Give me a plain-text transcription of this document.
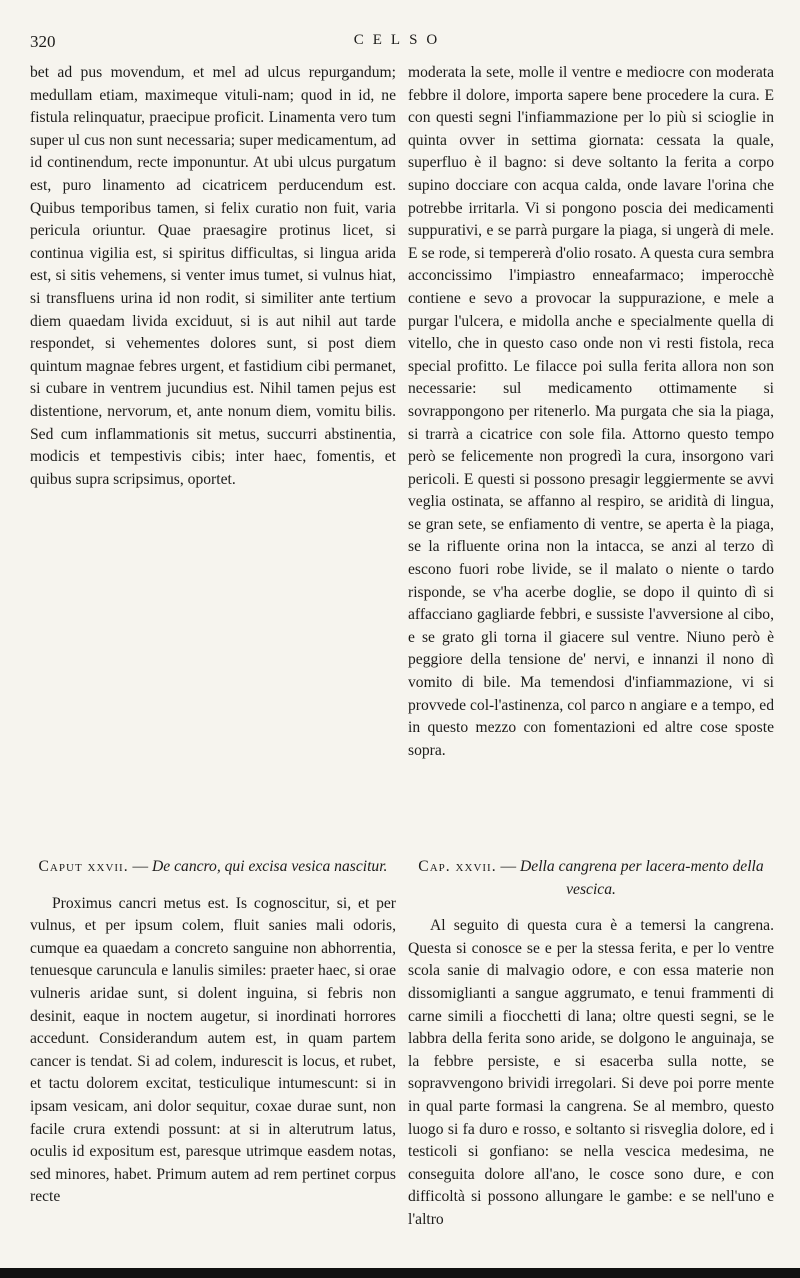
320	CELSO

bet ad pus movendum, et mel ad ulcus repurgandum; medullam etiam, maximeque vituli-nam; quod in id, ne fistula relinquatur, praecipue proficit. Linamenta vero tum super ul cus non sunt necessaria; super medicamentum, ad id continendum, recte imponuntur. At ubi ulcus purgatum est, puro linamento ad cicatricem perducendum est. Quibus temporibus tamen, si felix curatio non fuit, varia pericula oriuntur. Quae praesagire protinus licet, si continua vigilia est, si spiritus difficultas, si lingua arida est, si sitis vehemens, si venter imus tumet, si vulnus hiat, si transfluens urina id non rodit, si similiter ante tertium diem quaedam livida exciduut, si is aut nihil aut tarde respondet, si vehementes dolores sunt, si post diem quintum magnae febres urgent, et fastidium cibi permanet, si cubare in ventrem jucundius est. Nihil tamen pejus est distentione, nervorum, et, ante nonum diem, vomitu bilis. Sed cum inflammationis sit metus, succurri abstinentia, modicis et tempestivis cibis; inter haec, fomentis, et quibus supra scripsimus, oportet.

moderata la sete, molle il ventre e mediocre con moderata febbre il dolore, importa sapere bene procedere la cura. E con questi segni l'infiammazione per lo più si scioglie in quinta ovver in settima giornata: cessata la quale, superfluo è il bagno: si deve soltanto la ferita a corpo supino docciare con acqua calda, onde lavare l'orina che potrebbe irritarla. Vi si pongono poscia dei medicamenti suppurativi, e se parrà purgare la piaga, si ungerà di mele. E se rode, si tempererà d'olio rosato. A questa cura sembra acconcissimo l'impiastro enneafarmaco; imperocchè contiene e sevo a provocar la suppurazione, e mele a purgar l'ulcera, e midolla anche e specialmente quella di vitello, che in questo caso onde non vi resti fistola, reca special profitto. Le filacce poi sulla ferita allora non son necessarie: sul medicamento ottimamente si sovrappongono per ritenerlo. Ma purgata che sia la piaga, si trarrà a cicatrice con sole fila. Attorno questo tempo però se felicemente non progredì la cura, insorgono vari pericoli. E questi si possono presagir leggiermente se avvi veglia ostinata, se affanno al respiro, se aridità di lingua, se gran sete, se enfiamento di ventre, se aperta è la piaga, se la rifluente orina non la intacca, se anzi al terzo dì escono fuori robe livide, se il malato o niente o tardo risponde, se v'ha acerbe doglie, se dopo il quinto dì si affacciano gagliarde febbri, e sussiste l'avversione al cibo, e se grato gli torna il giacere sul ventre. Niuno però è peggiore della tensione de' nervi, e innanzi il nono dì vomito di bile. Ma temendosi d'infiammazione, vi si provvede col-l'astinenza, col parco n angiare e a tempo, ed in questo mezzo con fomentazioni ed altre cose sposte sopra.

Caput xxvii. — De cancro, qui excisa vesica nascitur.

Proximus cancri metus est. Is cognoscitur, si, et per vulnus, et per ipsum colem, fluit sanies mali odoris, cumque ea quaedam a concreto sanguine non abhorrentia, tenuesque caruncula e lanulis similes: praeter haec, si orae vulneris aridae sunt, si dolent inguina, si febris non desinit, eaque in noctem augetur, si inordinati horrores accedunt. Considerandum autem est, in quam partem cancer is tendat. Si ad colem, indurescit is locus, et rubet, et tactu dolorem excitat, testiculique intumescunt: si in ipsam vesicam, ani dolor sequitur, coxae durae sunt, non facile crura extendi possunt: at si in alterutrum latus, oculis id expositum est, paresque utrimque easdem notas, sed minores, habet. Primum autem ad rem pertinet corpus recte

Cap. xxvii. — Della cangrena per lacera-mento della vescica.

Al seguito di questa cura è a temersi la cangrena. Questa si conosce se e per la stessa ferita, e per lo ventre scola sanie di malvagio odore, e con essa materie non dissomiglianti a sangue aggrumato, e tenui frammenti di carne simili a fiocchetti di lana; oltre questi segni, se le labbra della ferita sono aride, se dolgono le anguinaja, se la febbre persiste, e si esacerba sulla notte, se sopravvengono brividi irregolari. Si deve poi porre mente in qual parte formasi la cangrena. Se al membro, questo luogo si fa duro e rosso, e soltanto si risveglia dolore, ed i testicoli si gonfiano: se nella vescica medesima, ne conseguita dolore all'ano, le cosce sono dure, e con difficoltà si possono allungare le gambe: e se nell'uno e l'altro
